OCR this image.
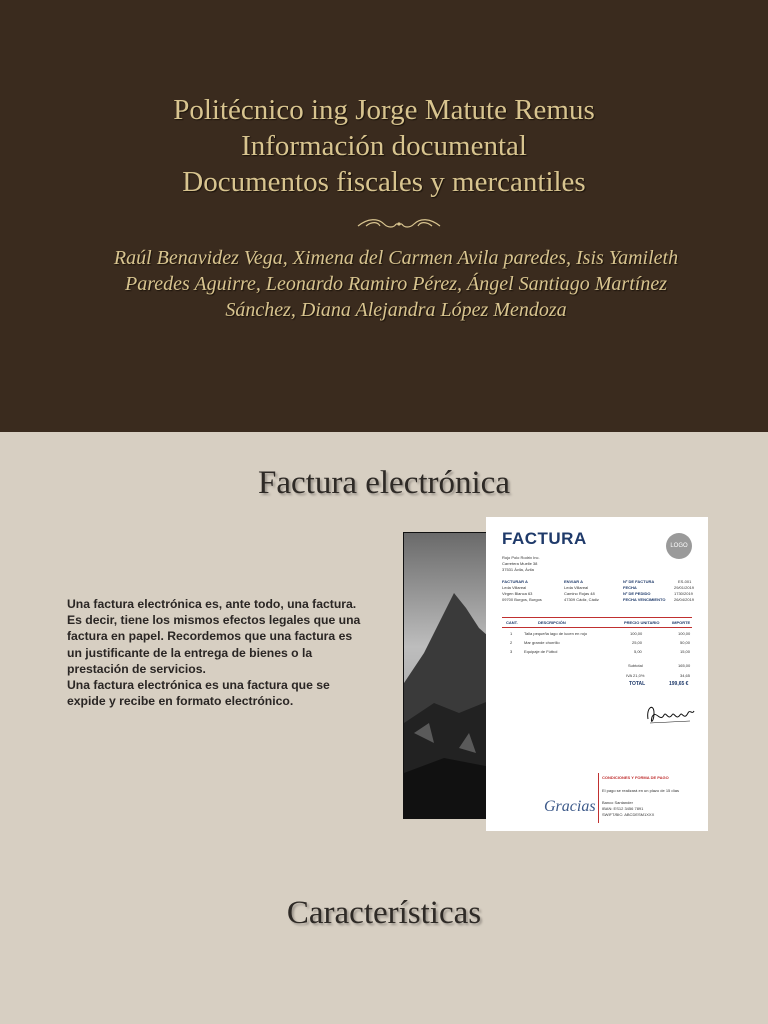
Politécnico ing Jorge Matute Remus
Información documental
Documentos fiscales y mercantiles
Raúl Benavidez Vega, Ximena del Carmen Avila paredes, Isis Yamileth Paredes Aguirre, Leonardo Ramiro Pérez, Ángel Santiago Martínez Sánchez, Diana Alejandra López Mendoza
Factura electrónica
Una factura electrónica es, ante todo, una factura. Es decir, tiene los mismos efectos legales que una factura en papel. Recordemos que una factura es un justificante de la entrega de bienes o la prestación de servicios.
Una factura electrónica es una factura que se expide y recibe en formato electrónico.
FACTURA	LOGO
Rojo Polo Rodrix Inc.
Carretera Muelle 38
37531 Ávila, Ávila
FACTURAR A
Leda Villareal
Virgen Blanca 63
09700 Burgos, Burgos
ENVIAR A
Leda Villareal
Camino Rojas 48
47309 Cádiz, Cádiz
Nº DE FACTURA	ES-001
FECHA	29/01/2019
Nº DE PEDIDO	1730/2019
FECHA VENCIMIENTO 26/04/2019
CANT.	DESCRIPCIÓN	PRECIO UNITARIO	IMPORTE
1	Talla pequeña lago de lucen en rojo	100,00	100,00
2	Mar grande chorrillo	25,00	50,00
3	Equipaje de Fútbol	5,00	15,00
Subtotal	165,00
IVA 21,0%	34,65
TOTAL	199,65 €
CONDICIONES Y FORMA DE PAGO
El pago se realizará en un plazo de 15 días
Banco Santander
IBAN: ES12 3456 7891
SWIFT/BIC: ABCDESM1XXX
Gracias
Características
